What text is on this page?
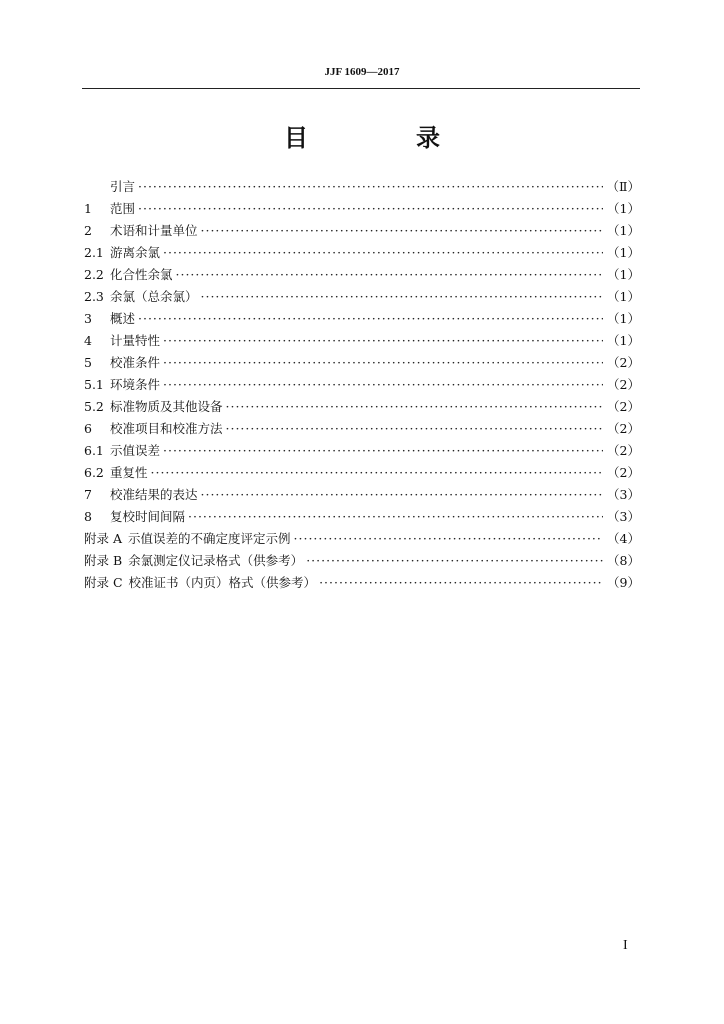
JJF 1609—2017
目　录
引言 ·····	（Ⅱ）
1	范围 ·····	（1）
2	术语和计量单位 ·····	（1）
2.1 游离余氯 ·····	（1）
2.2 化合性余氯 ·····	（1）
2.3 余氯（总余氯） ·····	（1）
3	概述 ·····	（1）
4	计量特性 ·····	（1）
5	校准条件 ·····	（2）
5.1 环境条件 ·····	（2）
5.2 标准物质及其他设备 ·····	（2）
6	校准项目和校准方法 ·····	（2）
6.1 示值误差 ·····	（2）
6.2 重复性 ·····	（2）
7	校准结果的表达 ·····	（3）
8	复校时间间隔 ·····	（3）
附录 A 示值误差的不确定度评定示例 ·····	（4）
附录 B 余氯测定仪记录格式（供参考） ·····	（8）
附录 C 校准证书（内页）格式（供参考） ·····	（9）
I
